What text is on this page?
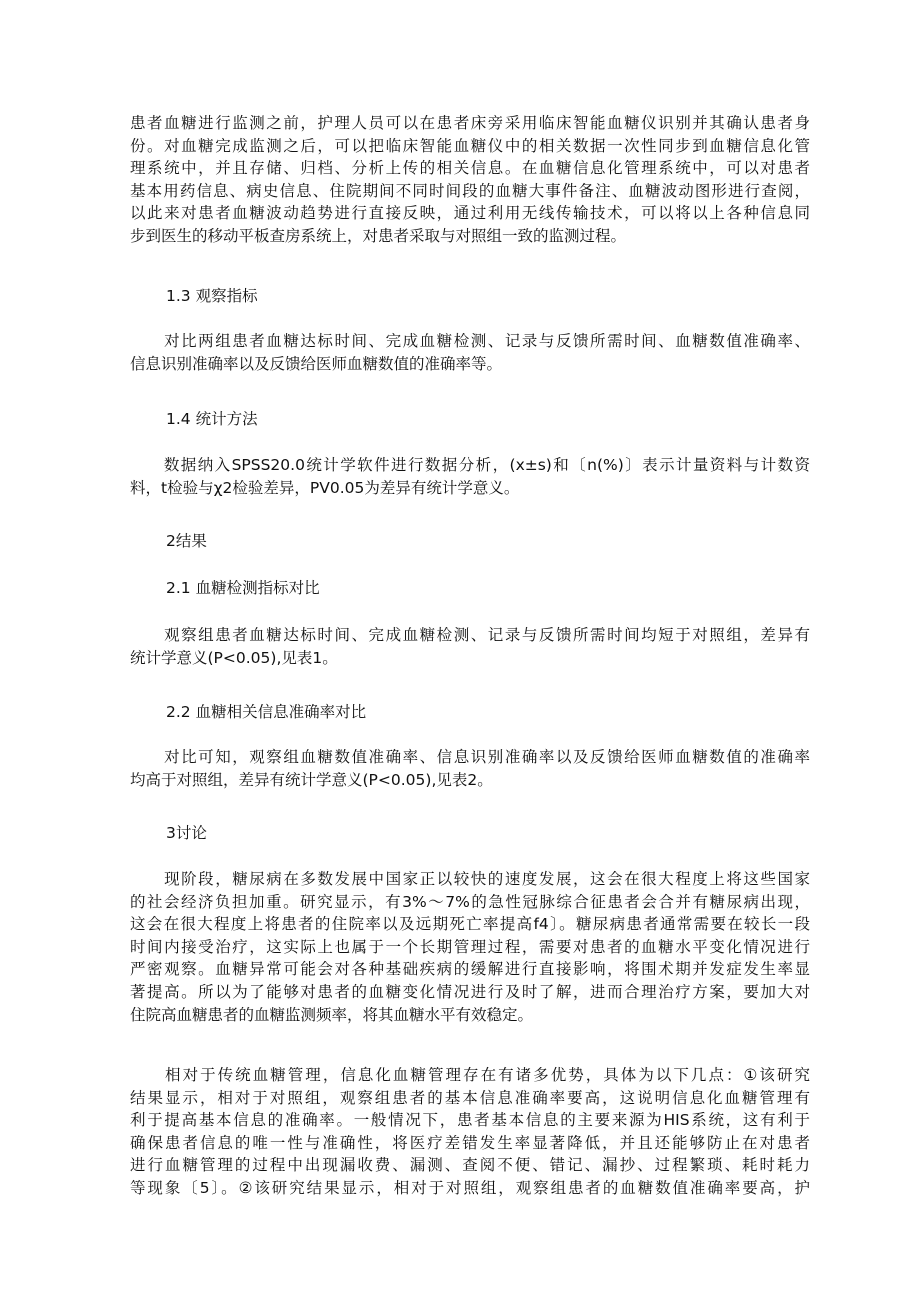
患者血糖进行监测之前，护理人员可以在患者床旁采用临床智能血糖仪识别并其确认患者身
份。对血糖完成监测之后，可以把临床智能血糖仪中的相关数据一次性同步到血糖信息化管
理系统中，并且存储、归档、分析上传的相关信息。在血糖信息化管理系统中，可以对患者
基本用药信息、病史信息、住院期间不同时间段的血糖大事件备注、血糖波动图形进行查阅，
以此来对患者血糖波动趋势进行直接反映，通过利用无线传输技术，可以将以上各种信息同
步到医生的移动平板查房系统上，对患者采取与对照组一致的监测过程。
1.3 观察指标
　　对比两组患者血糖达标时间、完成血糖检测、记录与反馈所需时间、血糖数值准确率、
信息识别准确率以及反馈给医师血糖数值的准确率等。
1.4 统计方法
　　数据纳入SPSS20.0统计学软件进行数据分析，(x±s)和〔n(%)〕表示计量资料与计数资
料，t检验与χ2检验差异，PV0.05为差异有统计学意义。
2结果
2.1 血糖检测指标对比
　　观察组患者血糖达标时间、完成血糖检测、记录与反馈所需时间均短于对照组，差异有
统计学意义(P<0.05),见表1。
2.2 血糖相关信息准确率对比
　　对比可知，观察组血糖数值准确率、信息识别准确率以及反馈给医师血糖数值的准确率
均高于对照组，差异有统计学意义(P<0.05),见表2。
3讨论
　　现阶段，糖尿病在多数发展中国家正以较快的速度发展，这会在很大程度上将这些国家
的社会经济负担加重。研究显示，有3%～7%的急性冠脉综合征患者会合并有糖尿病出现，
这会在很大程度上将患者的住院率以及远期死亡率提高f4〕。糖尿病患者通常需要在较长一段
时间内接受治疗，这实际上也属于一个长期管理过程，需要对患者的血糖水平变化情况进行
严密观察。血糖异常可能会对各种基础疾病的缓解进行直接影响，将围术期并发症发生率显
著提高。所以为了能够对患者的血糖变化情况进行及时了解，进而合理治疗方案，要加大对
住院高血糖患者的血糖监测频率，将其血糖水平有效稳定。
　　相对于传统血糖管理，信息化血糖管理存在有诸多优势，具体为以下几点：①该研究
结果显示，相对于对照组，观察组患者的基本信息准确率要高，这说明信息化血糖管理有
利于提高基本信息的准确率。一般情况下，患者基本信息的主要来源为HIS系统，这有利于
确保患者信息的唯一性与准确性，将医疗差错发生率显著降低，并且还能够防止在对患者
进行血糖管理的过程中出现漏收费、漏测、查阅不便、错记、漏抄、过程繁琐、耗时耗力
等现象〔5〕。②该研究结果显示，相对于对照组，观察组患者的血糖数值准确率要高，护
